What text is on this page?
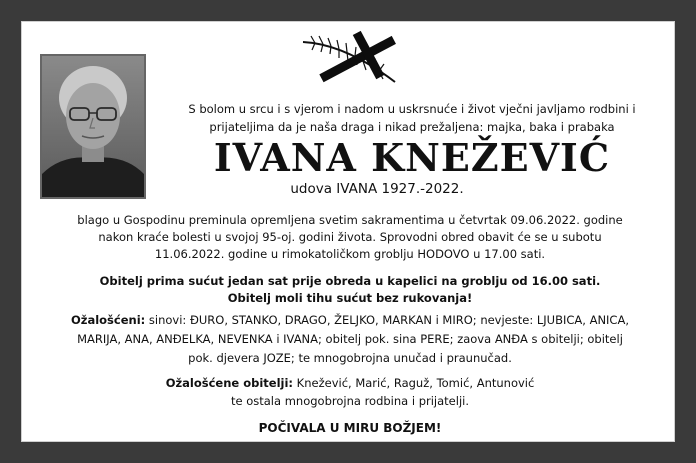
S bolom u srcu i s vjerom i nadom u uskrsnuće i život vječni javljamo rodbini i
prijateljima da je naša draga i nikad prežaljena: majka, baka i prabaka
IVANA KNEŽEVIĆ
udova IVANA 1927.-2022.
blago u Gospodinu preminula opremljena svetim sakramentima u četvrtak 09.06.2022. godine
nakon kraće bolesti u svojoj 95-oj. godini života. Sprovodni obred obavit će se u subotu
11.06.2022. godine u rimokatoličkom groblju HODOVO u 17.00 sati.
Obitelj prima sućut jedan sat prije obreda u kapelici na groblju od 16.00 sati.
Obitelj moli tihu sućut bez rukovanja!
Ožalošćeni: sinovi: ĐURO, STANKO, DRAGO, ŽELJKO, MARKAN i MIRO; nevjeste: LJUBICA, ANICA,
MARIJA, ANA, ANĐELKA, NEVENKA i IVANA; obitelj pok. sina PERE; zaova ANĐA s obitelji; obitelj
pok. djevera JOZE; te mnogobrojna unučad i praunučad.
Ožalošćene obitelji: Knežević, Marić, Raguž, Tomić, Antunović
te ostala mnogobrojna rodbina i prijatelji.
POČIVALA U MIRU BOŽJEM!
